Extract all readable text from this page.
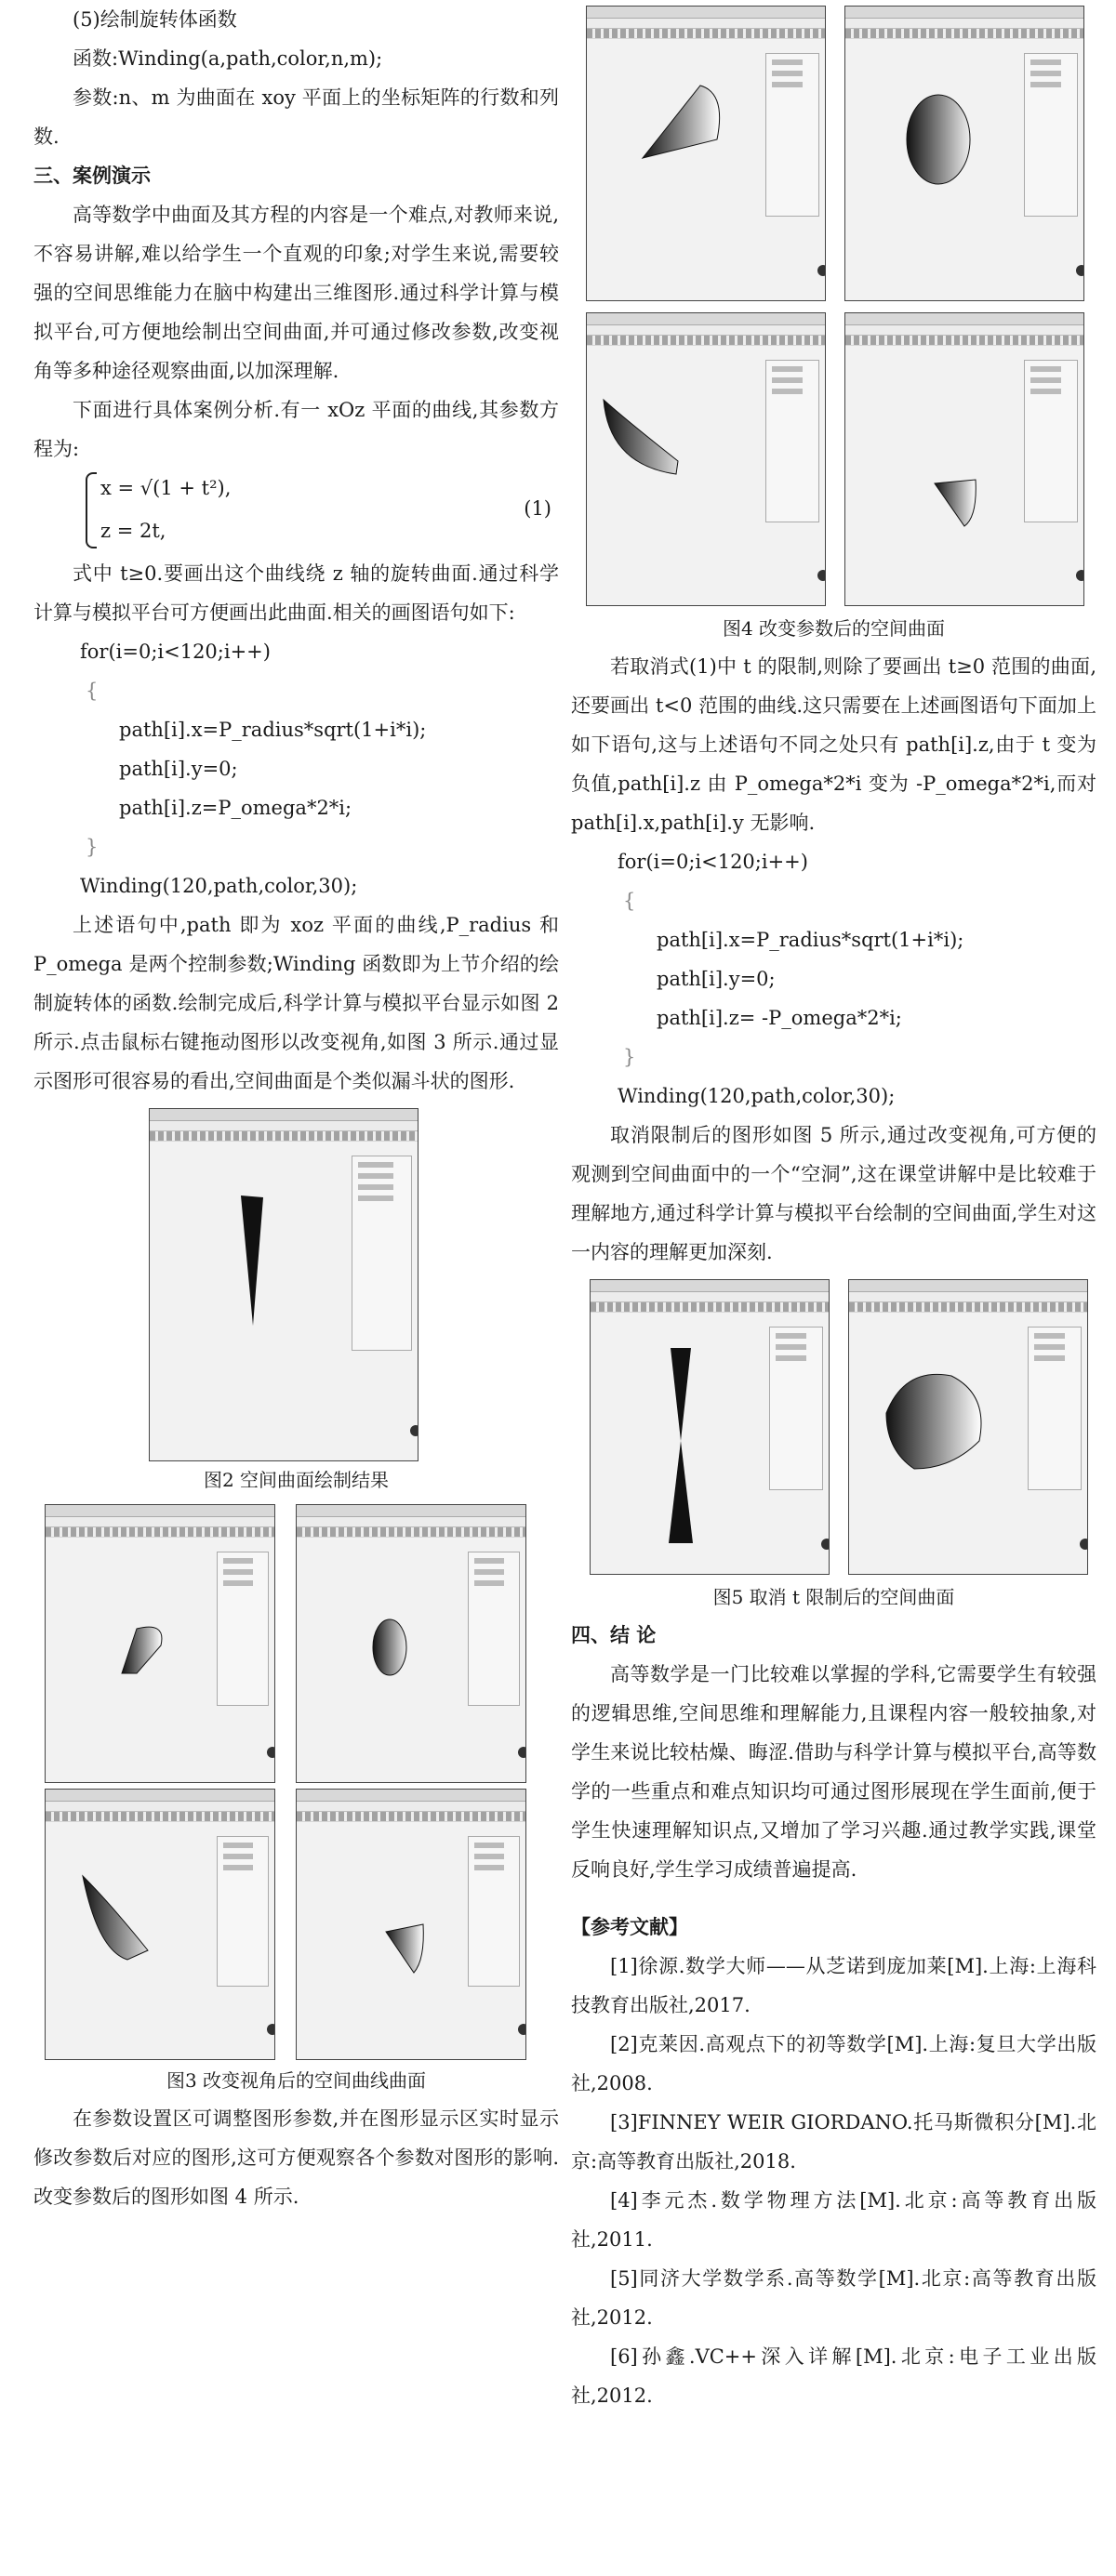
(5)绘制旋转体函数

函数:Winding(a,path,color,n,m);

参数:n、m 为曲面在 xoy 平面上的坐标矩阵的行数和列数.

三、案例演示

高等数学中曲面及其方程的内容是一个难点,对教师来说,不容易讲解,难以给学生一个直观的印象;对学生来说,需要较强的空间思维能力在脑中构建出三维图形.通过科学计算与模拟平台,可方便地绘制出空间曲面,并可通过修改参数,改变视角等多种途径观察曲面,以加深理解.

下面进行具体案例分析.有一 xOz 平面的曲线,其参数方程为:

x = √(1 + t²),
z = 2t,
(1)

式中 t≥0.要画出这个曲线绕 z 轴的旋转曲面.通过科学计算与模拟平台可方便画出此曲面.相关的画图语句如下:

for(i=0;i<120;i++)

{

path[i].x=P_radius*sqrt(1+i*i);

path[i].y=0;

path[i].z=P_omega*2*i;

}

Winding(120,path,color,30);

上述语句中,path 即为 xoz 平面的曲线,P_radius 和 P_omega 是两个控制参数;Winding 函数即为上节介绍的绘制旋转体的函数.绘制完成后,科学计算与模拟平台显示如图 2 所示.点击鼠标右键拖动图形以改变视角,如图 3 所示.通过显示图形可很容易的看出,空间曲面是个类似漏斗状的图形.

图2 空间曲面绘制结果

图3 改变视角后的空间曲线曲面

在参数设置区可调整图形参数,并在图形显示区实时显示修改参数后对应的图形,这可方便观察各个参数对图形的影响.改变参数后的图形如图 4 所示.

图4 改变参数后的空间曲面

若取消式(1)中 t 的限制,则除了要画出 t≥0 范围的曲面,还要画出 t<0 范围的曲线.这只需要在上述画图语句下面加上如下语句,这与上述语句不同之处只有 path[i].z,由于 t 变为负值,path[i].z 由 P_omega*2*i 变为 -P_omega*2*i,而对 path[i].x,path[i].y 无影响.

for(i=0;i<120;i++)

{

path[i].x=P_radius*sqrt(1+i*i);

path[i].y=0;

path[i].z= -P_omega*2*i;

}

Winding(120,path,color,30);

取消限制后的图形如图 5 所示,通过改变视角,可方便的观测到空间曲面中的一个“空洞”,这在课堂讲解中是比较难于理解地方,通过科学计算与模拟平台绘制的空间曲面,学生对这一内容的理解更加深刻.

图5 取消 t 限制后的空间曲面

四、结 论

高等数学是一门比较难以掌握的学科,它需要学生有较强的逻辑思维,空间思维和理解能力,且课程内容一般较抽象,对学生来说比较枯燥、晦涩.借助与科学计算与模拟平台,高等数学的一些重点和难点知识均可通过图形展现在学生面前,便于学生快速理解知识点,又增加了学习兴趣.通过教学实践,课堂反响良好,学生学习成绩普遍提高.

【参考文献】

[1]徐源.数学大师——从芝诺到庞加莱[M].上海:上海科技教育出版社,2017.

[2]克莱因.高观点下的初等数学[M].上海:复旦大学出版社,2008.

[3]FINNEY WEIR GIORDANO.托马斯微积分[M].北京:高等教育出版社,2018.

[4]李元杰.数学物理方法[M].北京:高等教育出版社,2011.

[5]同济大学数学系.高等数学[M].北京:高等教育出版社,2012.

[6]孙鑫.VC++深入详解[M].北京:电子工业出版社,2012.
